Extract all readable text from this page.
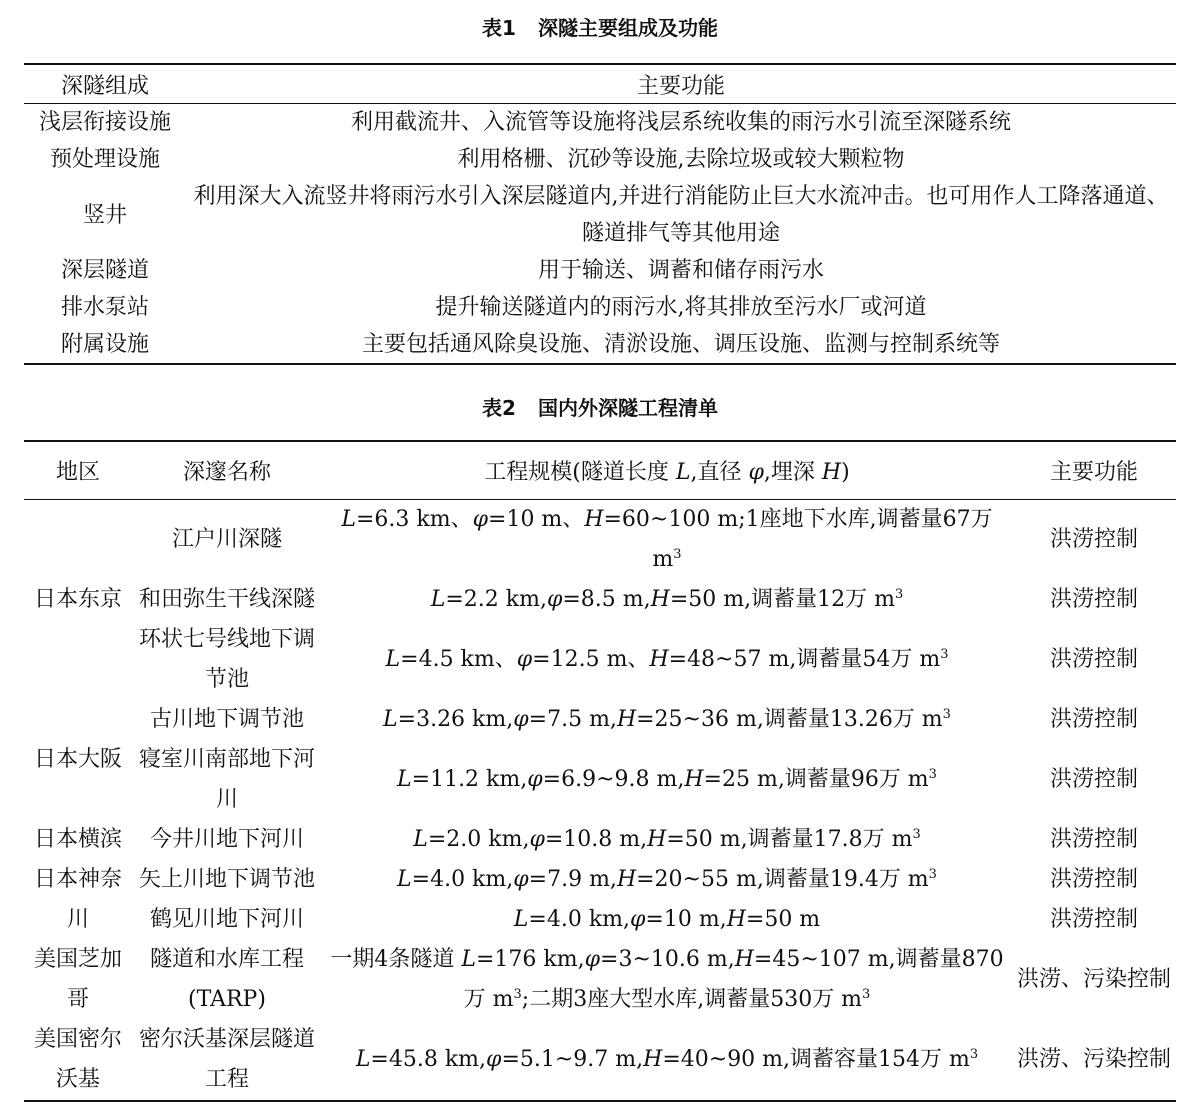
表1 深隧主要组成及功能
深隧组成	主要功能
浅层衔接设施	利用截流井、入流管等设施将浅层系统收集的雨污水引流至深隧系统
预处理设施	利用格栅、沉砂等设施,去除垃圾或较大颗粒物
竖井	利用深大入流竖井将雨污水引入深层隧道内,并进行消能防止巨大水流冲击。也可用作人工降落通道、隧道排气等其他用途
深层隧道	用于输送、调蓄和储存雨污水
排水泵站	提升输送隧道内的雨污水,将其排放至污水厂或河道
附属设施	主要包括通风除臭设施、清淤设施、调压设施、监测与控制系统等
表2 国内外深隧工程清单
地区	深邃名称	工程规模(隧道长度 L,直径 φ,埋深 H)	主要功能
日本东京	江户川深隧	L=6.3 km、φ=10 m、H=60~100 m;1座地下水库,调蓄量67万 $m^3$	洪涝控制
	和田弥生干线深隧	L=2.2 km,φ=8.5 m,H=50 m,调蓄量12万 $m^3$	洪涝控制
	环状七号线地下调节池	L=4.5 km、φ=12.5 m、H=48~57 m,调蓄量54万 $m^3$	洪涝控制
日本大阪	古川地下调节池	L=3.26 km,φ=7.5 m,H=25~36 m,调蓄量13.26万 $m^3$	洪涝控制
	寝室川南部地下河川	L=11.2 km,φ=6.9~9.8 m,H=25 m,调蓄量96万 $m^3$	洪涝控制
日本横滨	今井川地下河川	L=2.0 km,φ=10.8 m,H=50 m,调蓄量17.8万 $m^3$	洪涝控制
日本神奈川	矢上川地下调节池	L=4.0 km,φ=7.9 m,H=20~55 m,调蓄量19.4万 $m^3$	洪涝控制
	鹤见川地下河川	L=4.0 km,φ=10 m,H=50 m	洪涝控制
美国芝加哥	隧道和水库工程(TARP)	一期4条隧道 L=176 km,φ=3~10.6 m,H=45~107 m,调蓄量870万 $m^3$;二期3座大型水库,调蓄量530万 $m^3$	洪涝、污染控制
美国密尔沃基	密尔沃基深层隧道工程	L=45.8 km,φ=5.1~9.7 m,H=40~90 m,调蓄容量154万 $m^3$	洪涝、污染控制
